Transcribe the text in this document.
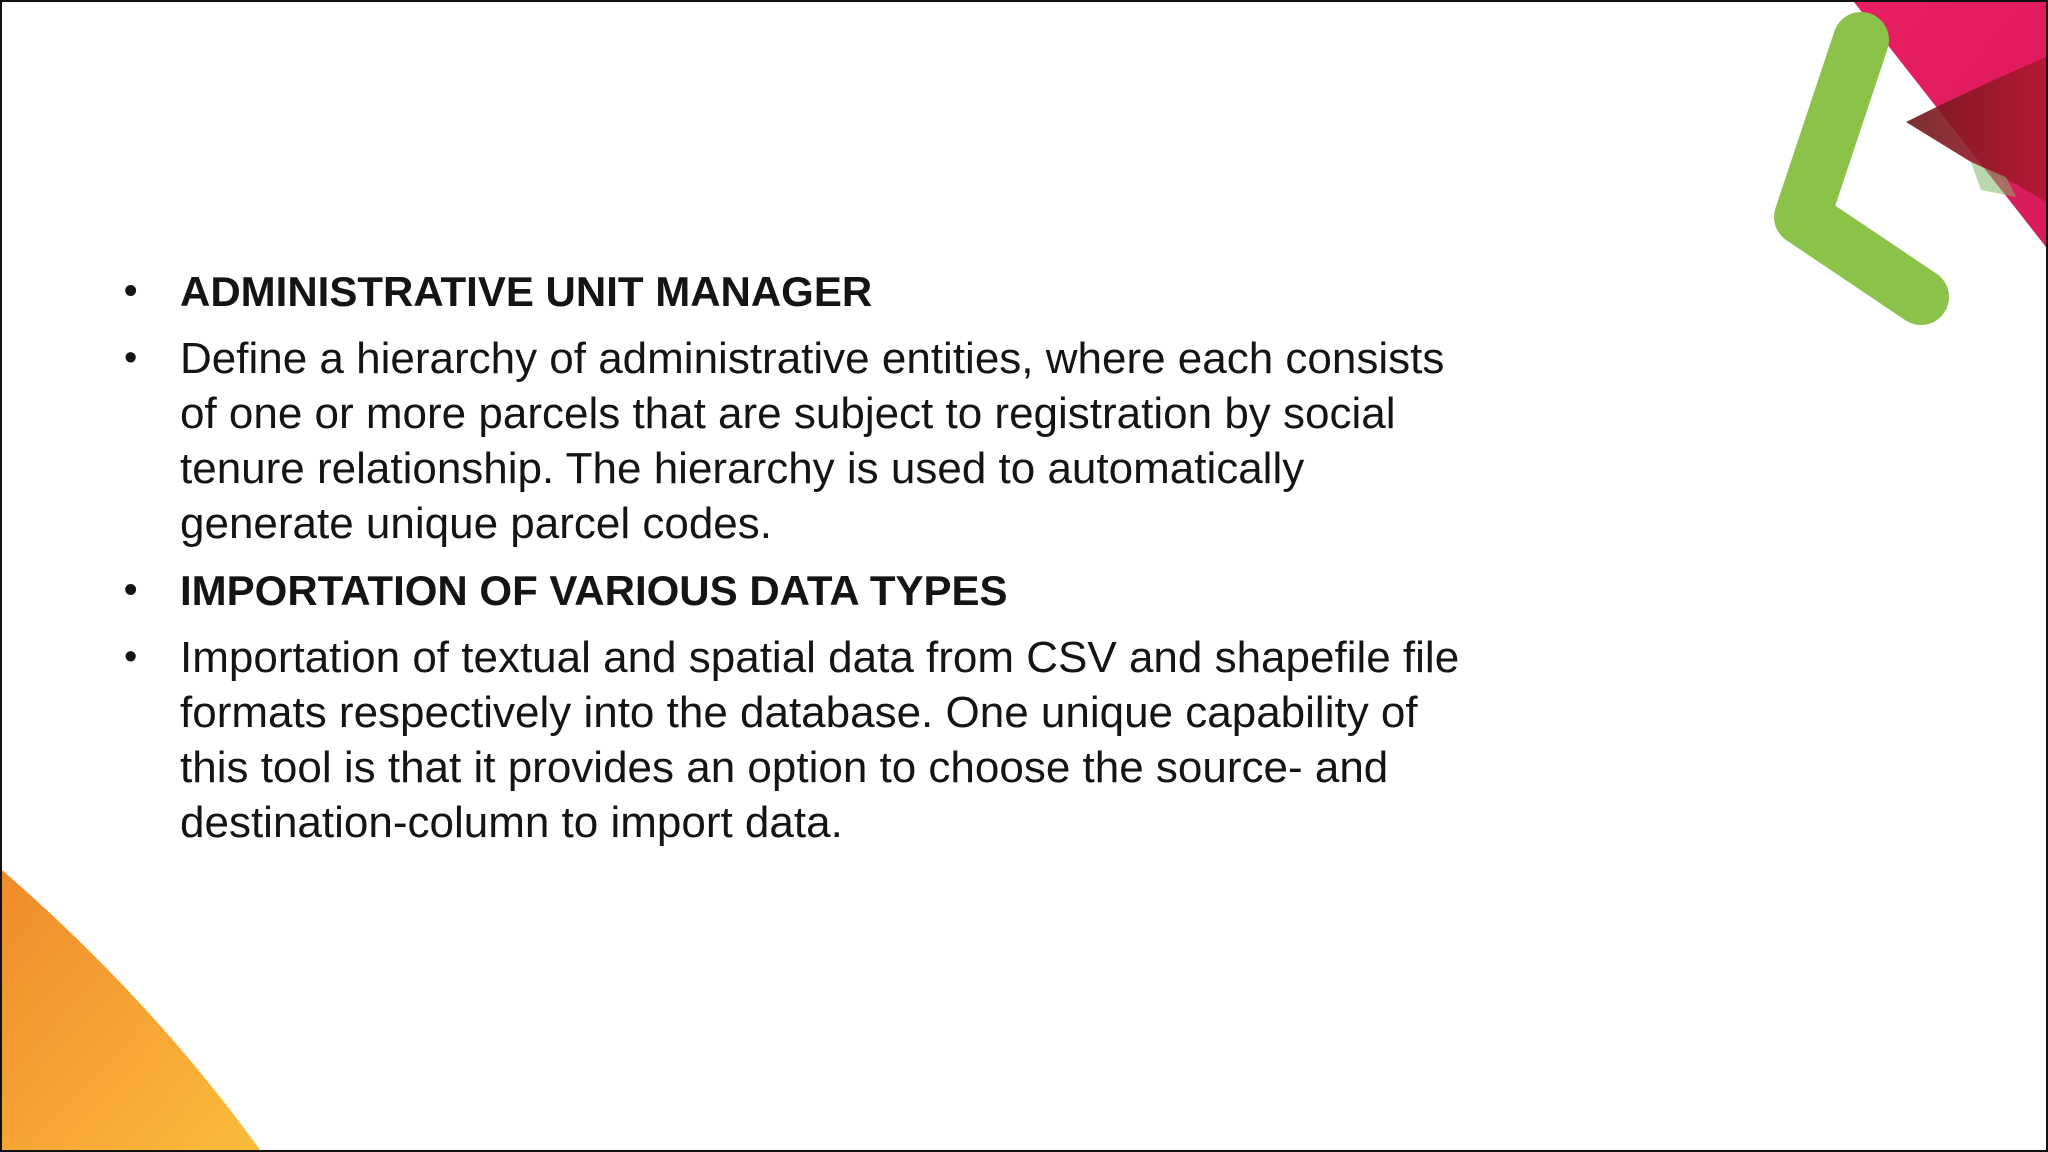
• ADMINISTRATIVE UNIT MANAGER
• Define a hierarchy of administrative entities, where each consists of one or more parcels that are subject to registration by social tenure relationship. The hierarchy is used to automatically generate unique parcel codes.
• IMPORTATION OF VARIOUS DATA TYPES
• Importation of textual and spatial data from CSV and shapefile file formats respectively into the database. One unique capability of this tool is that it provides an option to choose the source- and destination-column to import data.
